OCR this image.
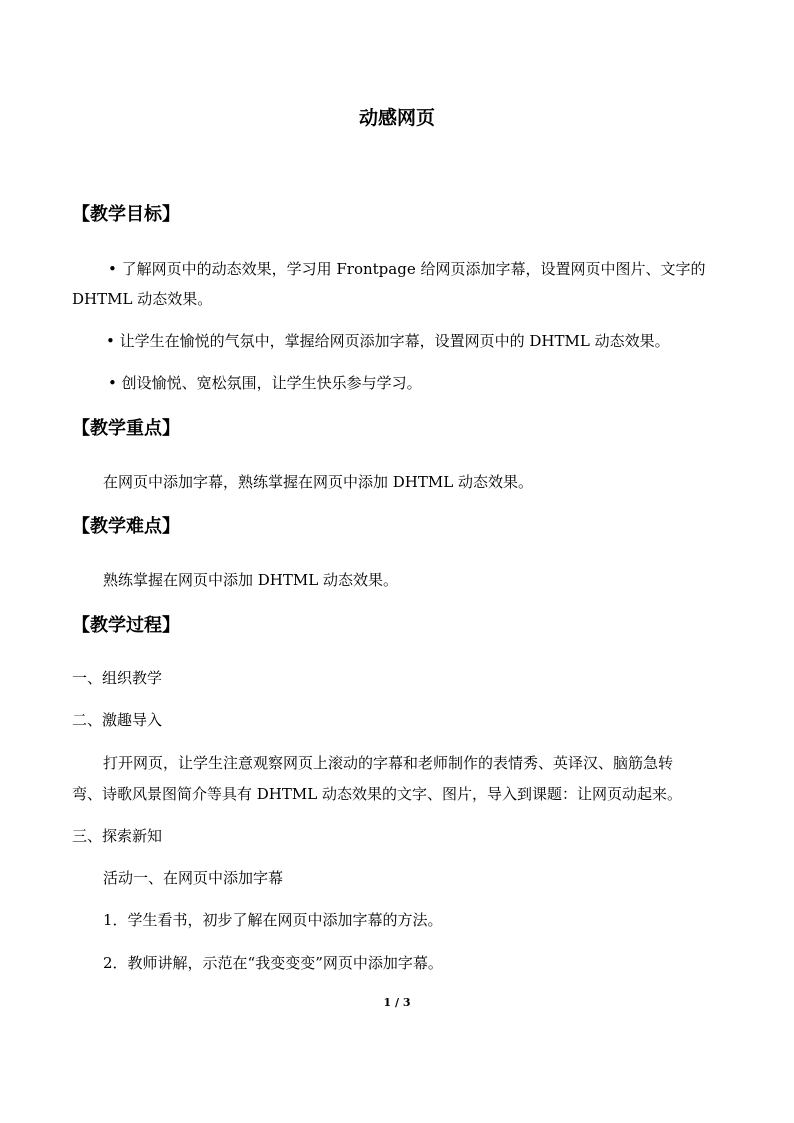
动感网页
【教学目标】
• 了解网页中的动态效果，学习用 Frontpage 给网页添加字幕，设置网页中图片、文字的
DHTML 动态效果。
• 让学生在愉悦的气氛中，掌握给网页添加字幕，设置网页中的 DHTML 动态效果。
• 创设愉悦、宽松氛围，让学生快乐参与学习。
【教学重点】
在网页中添加字幕，熟练掌握在网页中添加 DHTML 动态效果。
【教学难点】
熟练掌握在网页中添加 DHTML 动态效果。
【教学过程】
一、组织教学
二、激趣导入
打开网页，让学生注意观察网页上滚动的字幕和老师制作的表情秀、英译汉、脑筋急转
弯、诗歌风景图简介等具有 DHTML 动态效果的文字、图片，导入到课题：让网页动起来。
三、探索新知
活动一、在网页中添加字幕
1．学生看书，初步了解在网页中添加字幕的方法。
2．教师讲解，示范在“我变变变”网页中添加字幕。
1 / 3
